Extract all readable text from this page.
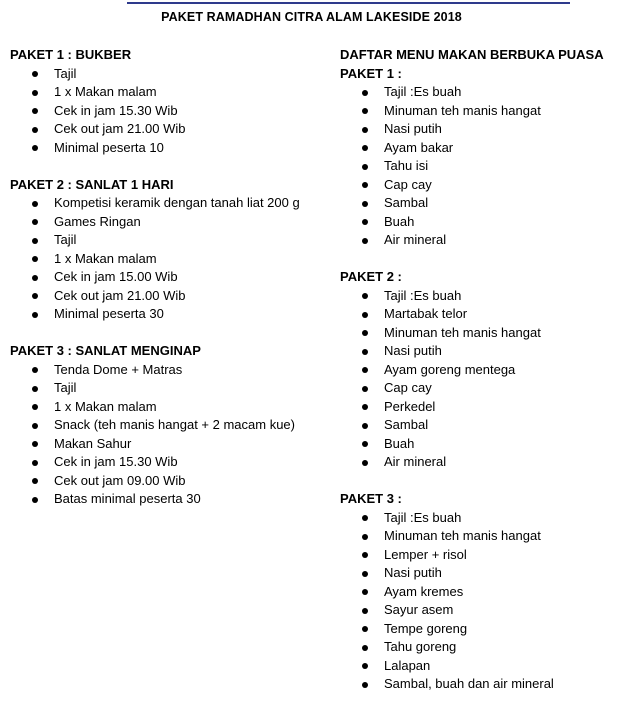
PAKET RAMADHAN CITRA ALAM LAKESIDE 2018
PAKET 1 : BUKBER
Tajil
1 x Makan malam
Cek in jam 15.30 Wib
Cek out jam 21.00 Wib
Minimal peserta 10
PAKET 2 : SANLAT 1 HARI
Kompetisi keramik dengan tanah liat 200 g
Games Ringan
Tajil
1 x Makan malam
Cek in jam 15.00 Wib
Cek out jam 21.00 Wib
Minimal peserta 30
PAKET 3 : SANLAT MENGINAP
Tenda Dome + Matras
Tajil
1 x Makan malam
Snack (teh manis hangat + 2 macam kue)
Makan Sahur
Cek in jam 15.30 Wib
Cek out jam 09.00 Wib
Batas minimal peserta 30
DAFTAR MENU MAKAN BERBUKA PUASA
PAKET 1 :
Tajil :Es buah
Minuman teh manis hangat
Nasi putih
Ayam bakar
Tahu isi
Cap cay
Sambal
Buah
Air mineral
PAKET 2 :
Tajil :Es buah
Martabak telor
Minuman teh manis hangat
Nasi putih
Ayam goreng mentega
Cap cay
Perkedel
Sambal
Buah
Air mineral
PAKET 3 :
Tajil :Es buah
Minuman teh manis hangat
Lemper + risol
Nasi putih
Ayam kremes
Sayur asem
Tempe goreng
Tahu goreng
Lalapan
Sambal, buah dan air mineral
